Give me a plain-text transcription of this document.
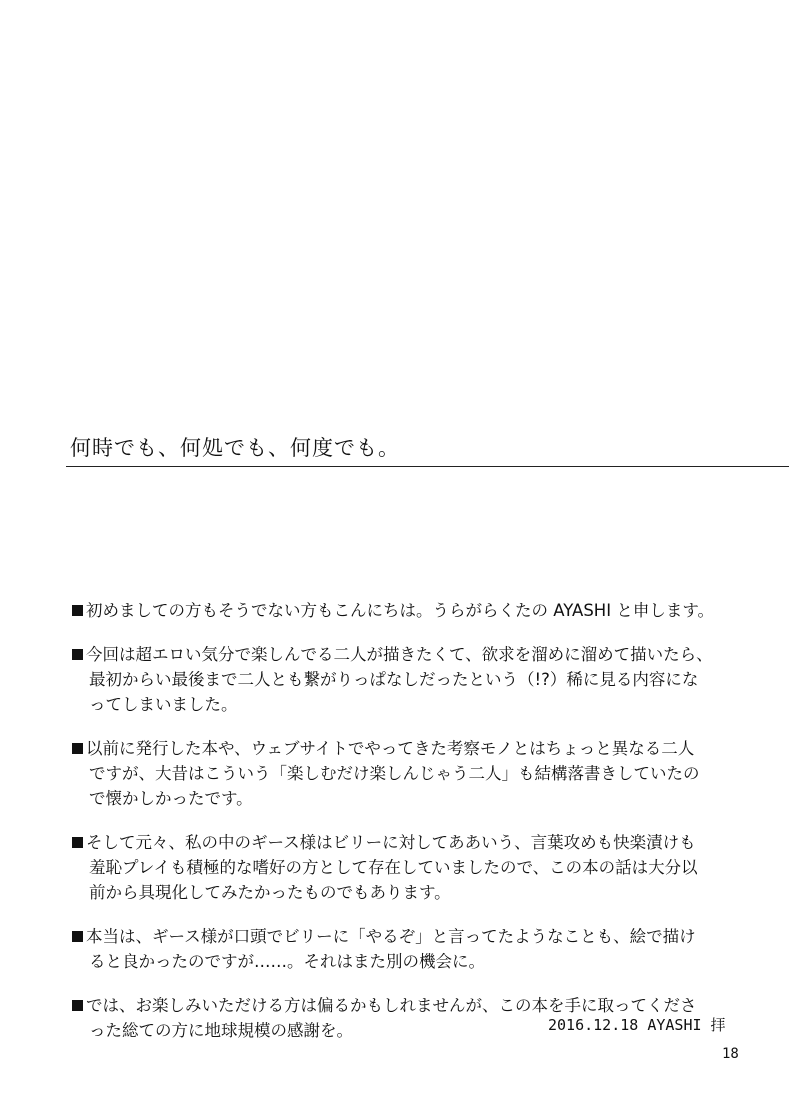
何時でも、何処でも、何度でも。

初めましての方もそうでない方もこんにちは。うらがらくたの AYASHI と申します。

今回は超エロい気分で楽しんでる二人が描きたくて、欲求を溜めに溜めて描いたら、
最初からい最後まで二人とも繋がりっぱなしだったという（!?）稀に見る内容にな
ってしまいました。

以前に発行した本や、ウェブサイトでやってきた考察モノとはちょっと異なる二人
ですが、大昔はこういう「楽しむだけ楽しんじゃう二人」も結構落書きしていたの
で懐かしかったです。

そして元々、私の中のギース様はビリーに対してああいう、言葉攻めも快楽漬けも
羞恥プレイも積極的な嗜好の方として存在していましたので、この本の話は大分以
前から具現化してみたかったものでもあります。

本当は、ギース様が口頭でビリーに「やるぞ」と言ってたようなことも、絵で描け
ると良かったのですが……。それはまた別の機会に。

では、お楽しみいただける方は偏るかもしれませんが、この本を手に取ってくださ
った総ての方に地球規模の感謝を。	2016.12.18 AYASHI 拝
18
